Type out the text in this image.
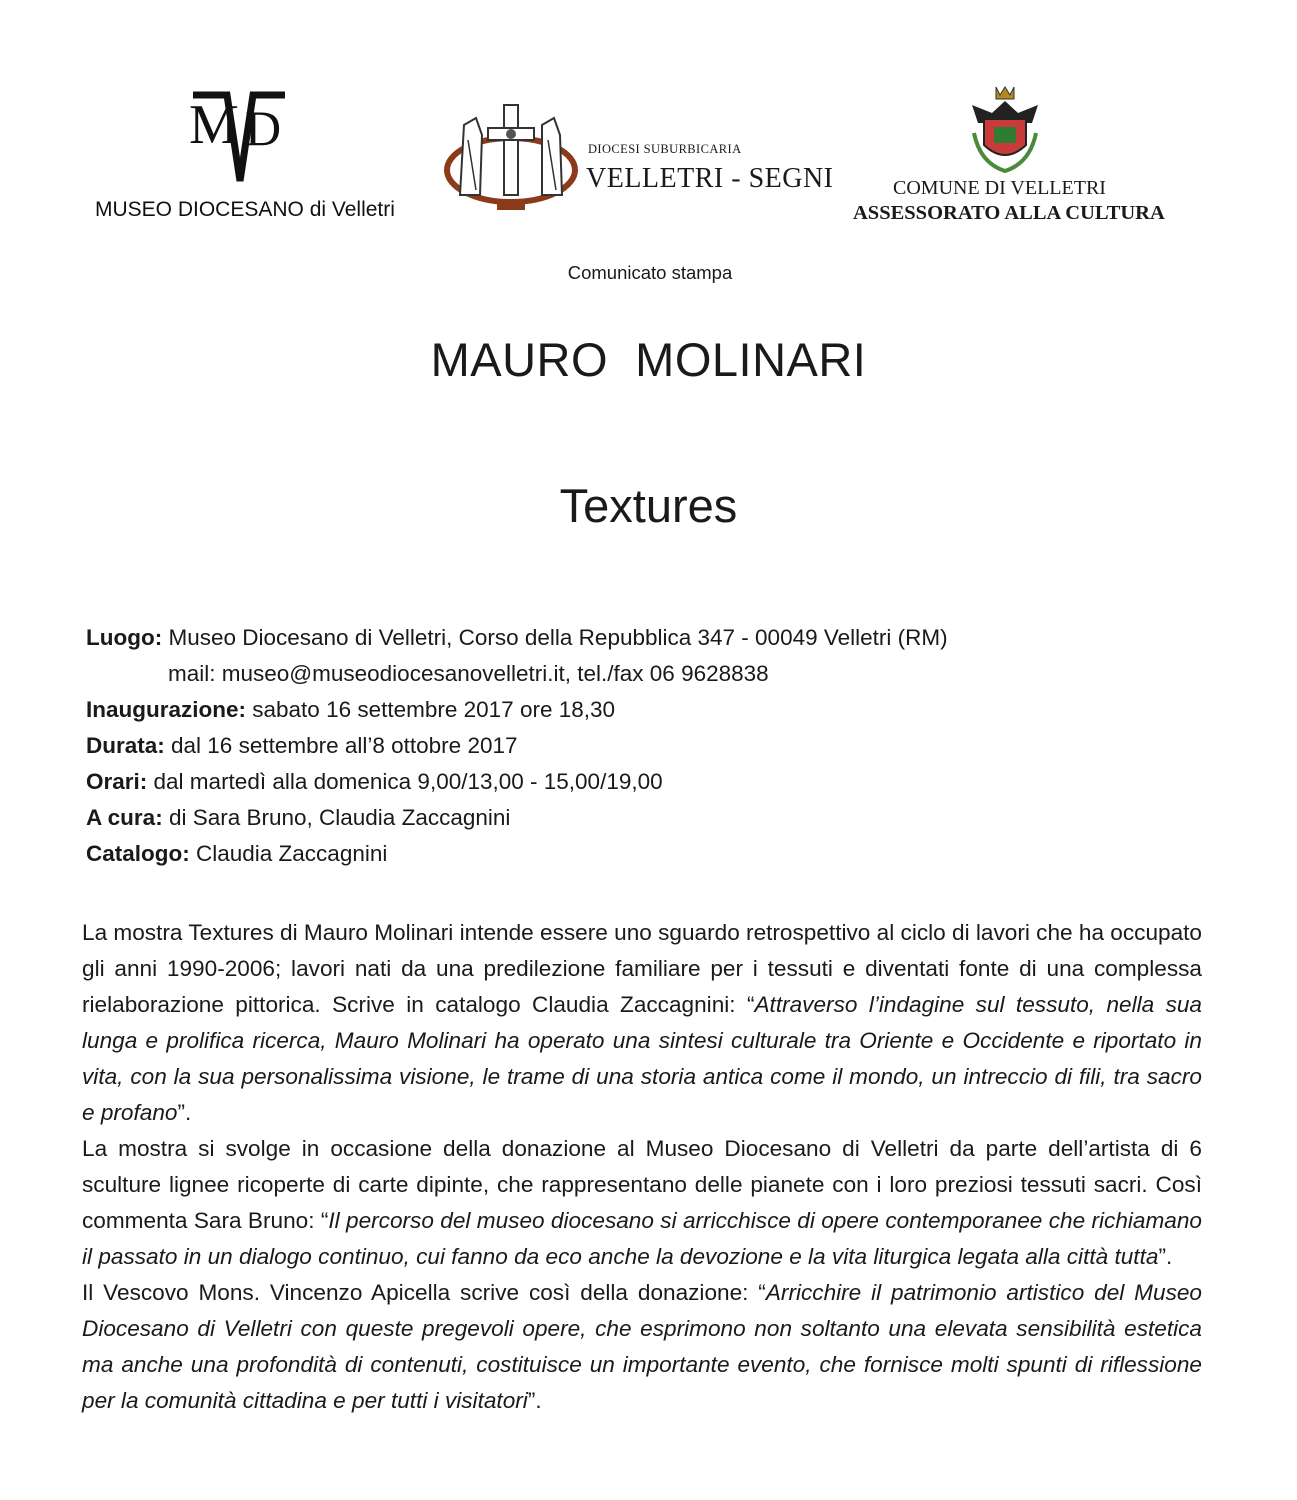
M D
MUSEO DIOCESANO di Velletri
DIOCESI SUBURBICARIA
VELLETRI - SEGNI	COMUNE DI VELLETRI
ASSESSORATO ALLA CULTURA
Comunicato stampa
MAURO  MOLINARI
Textures
Luogo: Museo Diocesano di Velletri, Corso della Repubblica 347 - 00049 Velletri (RM)
mail: museo@museodiocesanovelletri.it, tel./fax 06 9628838
Inaugurazione: sabato 16 settembre 2017 ore 18,30
Durata: dal 16 settembre all’8 ottobre 2017
Orari: dal martedì alla domenica 9,00/13,00 - 15,00/19,00
A cura: di Sara Bruno, Claudia Zaccagnini
Catalogo: Claudia Zaccagnini

La mostra Textures di Mauro Molinari intende essere uno sguardo retrospettivo al ciclo di lavori che ha occupato gli anni 1990-2006; lavori nati da una predilezione familiare per i tessuti e diventati fonte di una complessa rielaborazione pittorica. Scrive in catalogo Claudia Zaccagnini: “Attraverso l’indagine sul tessuto, nella sua lunga e prolifica ricerca, Mauro Molinari ha operato una sintesi culturale tra Oriente e Occidente e riportato in vita, con la sua personalissima visione, le trame di una storia antica come il mondo, un intreccio di fili, tra sacro e profano”.

La mostra si svolge in occasione della donazione al Museo Diocesano di Velletri da parte dell’artista di 6 sculture lignee ricoperte di carte dipinte, che rappresentano delle pianete con i loro preziosi tessuti sacri. Così commenta Sara Bruno: “Il percorso del museo diocesano si arricchisce di opere contemporanee che richiamano il passato in un dialogo continuo, cui fanno da eco anche la devozione e la vita liturgica legata alla città tutta”.

Il Vescovo Mons. Vincenzo Apicella scrive così della donazione: “Arricchire il patrimonio artistico del Museo Diocesano di Velletri con queste pregevoli opere, che esprimono non soltanto una elevata sensibilità estetica ma anche una profondità di contenuti, costituisce un importante evento, che fornisce molti spunti di riflessione per la comunità cittadina e per tutti i visitatori”.
